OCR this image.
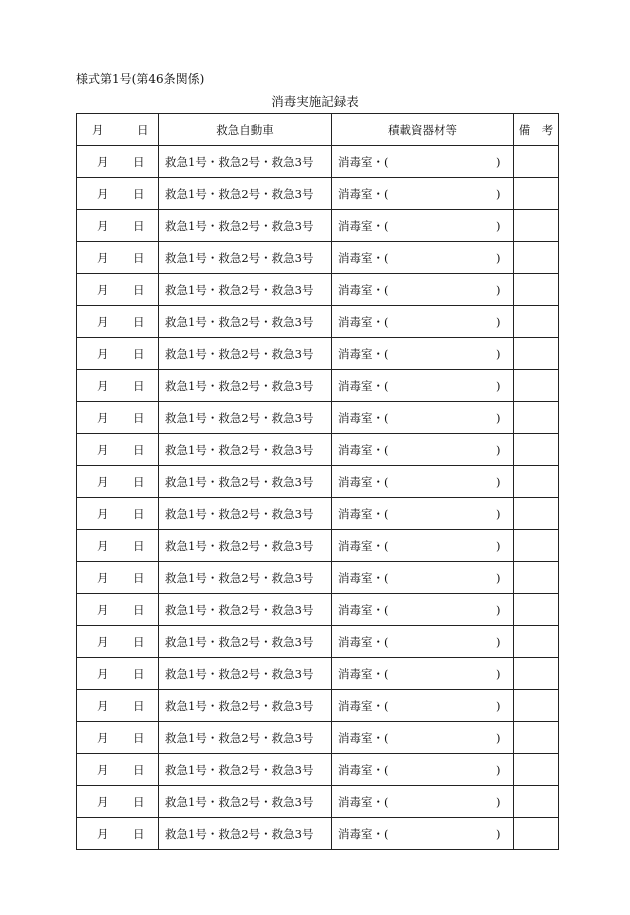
様式第1号(第46条関係)
消毒実施記録表
月 日	救急自動車	積載資器材等	備　考

月 日	救急1号・救急2号・救急3号	消毒室・( )	

月 日	救急1号・救急2号・救急3号	消毒室・( )	

月 日	救急1号・救急2号・救急3号	消毒室・( )	

月 日	救急1号・救急2号・救急3号	消毒室・( )	

月 日	救急1号・救急2号・救急3号	消毒室・( )	

月 日	救急1号・救急2号・救急3号	消毒室・( )	

月 日	救急1号・救急2号・救急3号	消毒室・( )	

月 日	救急1号・救急2号・救急3号	消毒室・( )	

月 日	救急1号・救急2号・救急3号	消毒室・( )	

月 日	救急1号・救急2号・救急3号	消毒室・( )	

月 日	救急1号・救急2号・救急3号	消毒室・( )	

月 日	救急1号・救急2号・救急3号	消毒室・( )	

月 日	救急1号・救急2号・救急3号	消毒室・( )	

月 日	救急1号・救急2号・救急3号	消毒室・( )	

月 日	救急1号・救急2号・救急3号	消毒室・( )	

月 日	救急1号・救急2号・救急3号	消毒室・( )	

月 日	救急1号・救急2号・救急3号	消毒室・( )	

月 日	救急1号・救急2号・救急3号	消毒室・( )	

月 日	救急1号・救急2号・救急3号	消毒室・( )	

月 日	救急1号・救急2号・救急3号	消毒室・( )	

月 日	救急1号・救急2号・救急3号	消毒室・( )	

月 日	救急1号・救急2号・救急3号	消毒室・( )	
